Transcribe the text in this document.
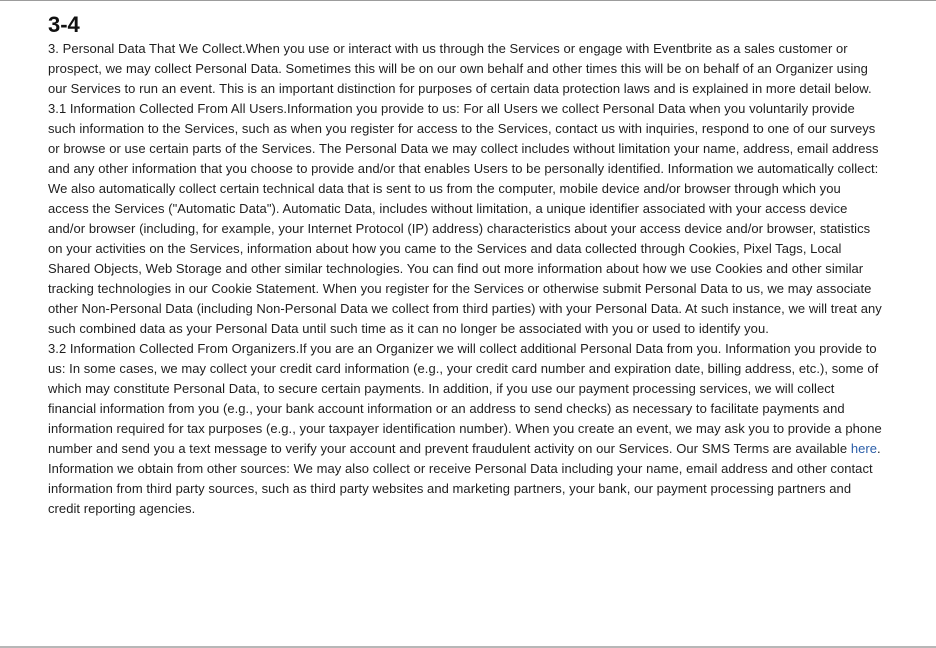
3-4

3. Personal Data That We Collect.When you use or interact with us through the Services or engage with Eventbrite as a sales customer or prospect, we may collect Personal Data. Sometimes this will be on our own behalf and other times this will be on behalf of an Organizer using our Services to run an event. This is an important distinction for purposes of certain data protection laws and is explained in more detail below.

3.1 Information Collected From All Users.Information you provide to us: For all Users we collect Personal Data when you voluntarily provide such information to the Services, such as when you register for access to the Services, contact us with inquiries, respond to one of our surveys or browse or use certain parts of the Services. The Personal Data we may collect includes without limitation your name, address, email address and any other information that you choose to provide and/or that enables Users to be personally identified. Information we automatically collect: We also automatically collect certain technical data that is sent to us from the computer, mobile device and/or browser through which you access the Services ("Automatic Data"). Automatic Data, includes without limitation, a unique identifier associated with your access device and/or browser (including, for example, your Internet Protocol (IP) address) characteristics about your access device and/or browser, statistics on your activities on the Services, information about how you came to the Services and data collected through Cookies, Pixel Tags, Local Shared Objects, Web Storage and other similar technologies. You can find out more information about how we use Cookies and other similar tracking technologies in our Cookie Statement. When you register for the Services or otherwise submit Personal Data to us, we may associate other Non-Personal Data (including Non-Personal Data we collect from third parties) with your Personal Data. At such instance, we will treat any such combined data as your Personal Data until such time as it can no longer be associated with you or used to identify you.

3.2 Information Collected From Organizers.If you are an Organizer we will collect additional Personal Data from you. Information you provide to us: In some cases, we may collect your credit card information (e.g., your credit card number and expiration date, billing address, etc.), some of which may constitute Personal Data, to secure certain payments. In addition, if you use our payment processing services, we will collect financial information from you (e.g., your bank account information or an address to send checks) as necessary to facilitate payments and information required for tax purposes (e.g., your taxpayer identification number). When you create an event, we may ask you to provide a phone number and send you a text message to verify your account and prevent fraudulent activity on our Services. Our SMS Terms are available here. Information we obtain from other sources: We may also collect or receive Personal Data including your name, email address and other contact information from third party sources, such as third party websites and marketing partners, your bank, our payment processing partners and credit reporting agencies.
